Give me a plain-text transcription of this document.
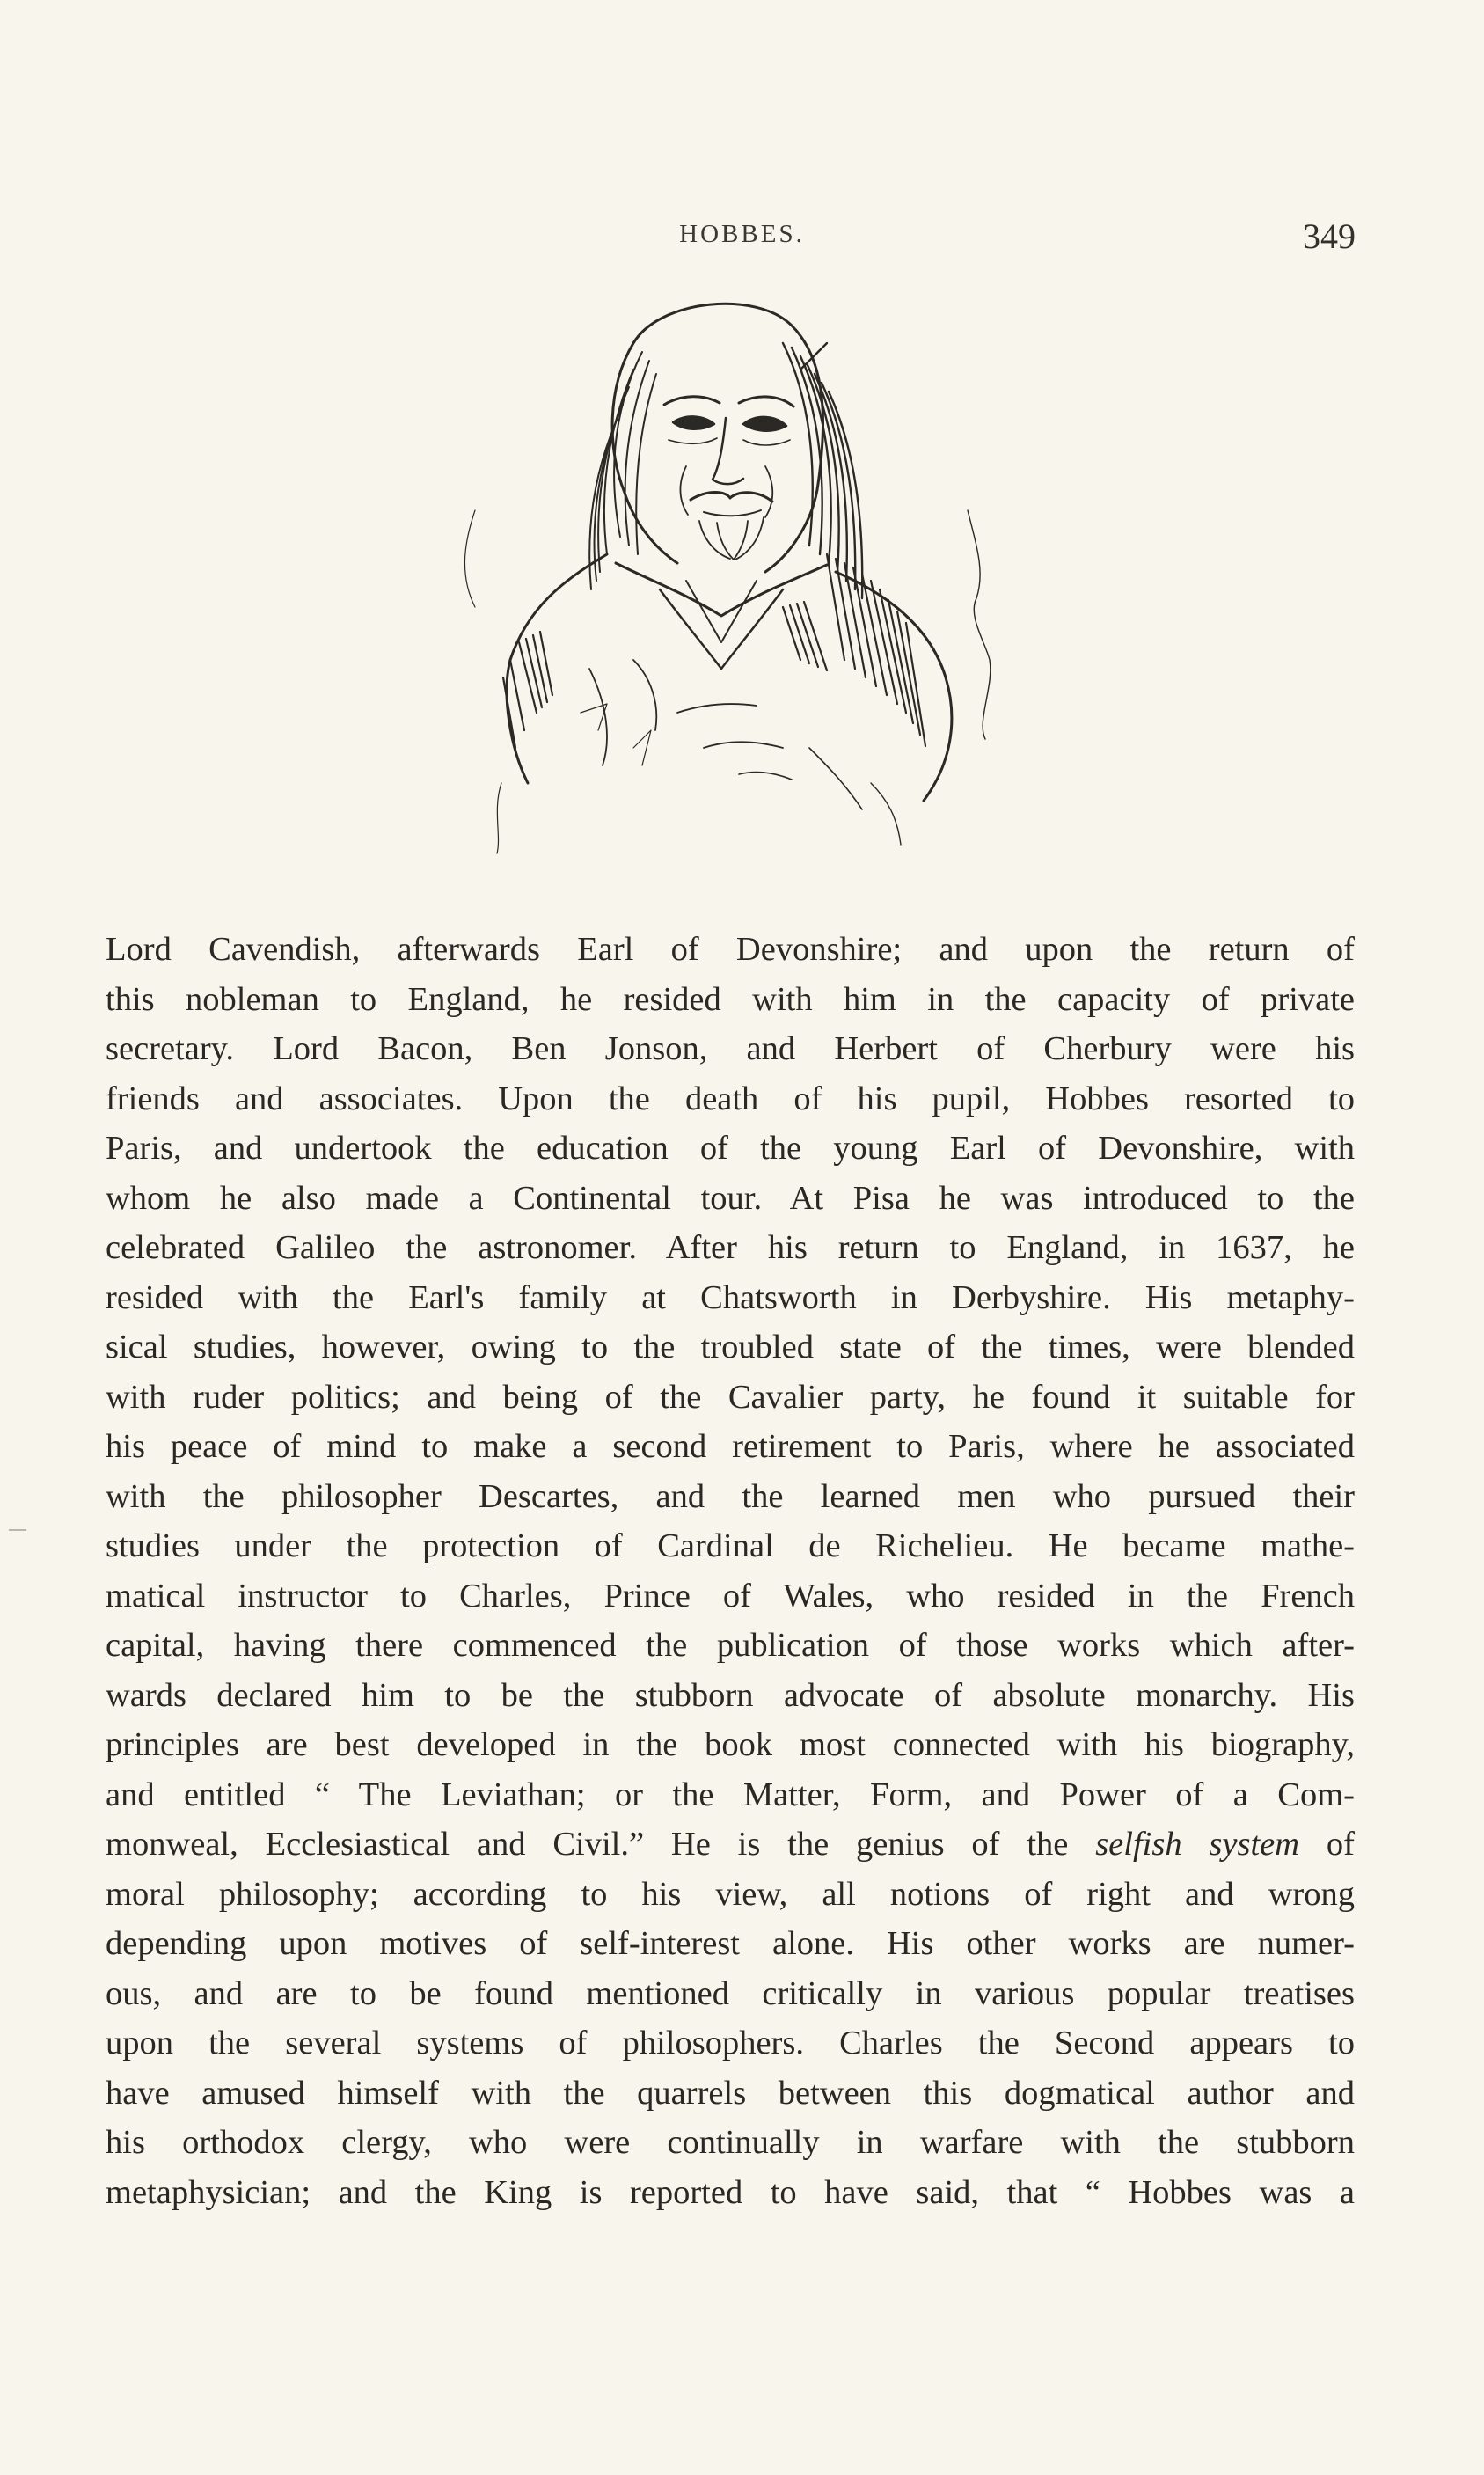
HOBBES.	349
Lord Cavendish, afterwards Earl of Devonshire; and upon the return of
this nobleman to England, he resided with him in the capacity of private
secretary. Lord Bacon, Ben Jonson, and Herbert of Cherbury were his
friends and associates. Upon the death of his pupil, Hobbes resorted to
Paris, and undertook the education of the young Earl of Devonshire, with
whom he also made a Continental tour. At Pisa he was introduced to the
celebrated Galileo the astronomer. After his return to England, in 1637, he
resided with the Earl's family at Chatsworth in Derbyshire. His metaphy-
sical studies, however, owing to the troubled state of the times, were blended
with ruder politics; and being of the Cavalier party, he found it suitable for
his peace of mind to make a second retirement to Paris, where he associated
with the philosopher Descartes, and the learned men who pursued their
studies under the protection of Cardinal de Richelieu. He became mathe-
matical instructor to Charles, Prince of Wales, who resided in the French
capital, having there commenced the publication of those works which after-
wards declared him to be the stubborn advocate of absolute monarchy. His
principles are best developed in the book most connected with his biography,
and entitled “ The Leviathan; or the Matter, Form, and Power of a Com-
monweal, Ecclesiastical and Civil.” He is the genius of the selfish system of
moral philosophy; according to his view, all notions of right and wrong
depending upon motives of self-interest alone. His other works are numer-
ous, and are to be found mentioned critically in various popular treatises
upon the several systems of philosophers. Charles the Second appears to
have amused himself with the quarrels between this dogmatical author and
his orthodox clergy, who were continually in warfare with the stubborn
metaphysician; and the King is reported to have said, that “ Hobbes was a
